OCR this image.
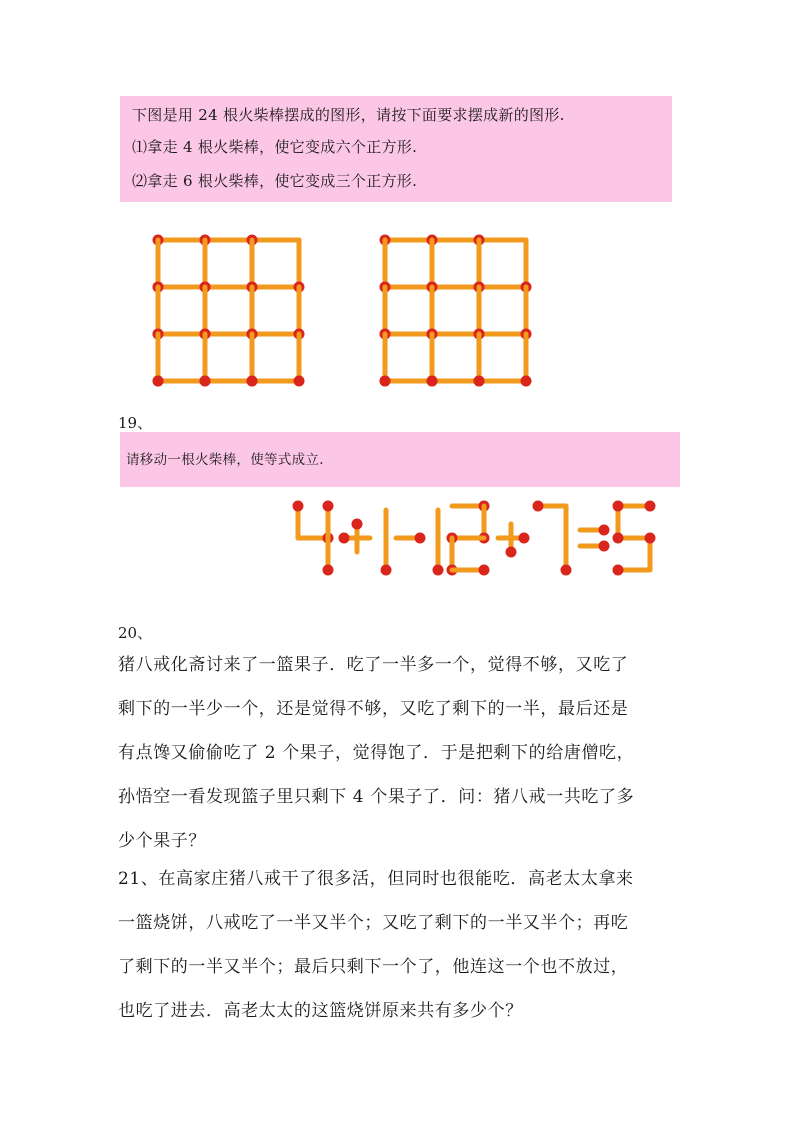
下图是用 24 根火柴棒摆成的图形，请按下面要求摆成新的图形.
⑴拿走 4 根火柴棒，使它变成六个正方形.
⑵拿走 6 根火柴棒，使它变成三个正方形.
19、
请移动一根火柴棒，使等式成立.
20、
猪八戒化斋讨来了一篮果子．吃了一半多一个，觉得不够，又吃了
剩下的一半少一个，还是觉得不够，又吃了剩下的一半，最后还是
有点馋又偷偷吃了 2 个果子，觉得饱了．于是把剩下的给唐僧吃，
孙悟空一看发现篮子里只剩下 4 个果子了．问：猪八戒一共吃了多
少个果子？
21、在高家庄猪八戒干了很多活，但同时也很能吃．高老太太拿来
一篮烧饼，八戒吃了一半又半个；又吃了剩下的一半又半个；再吃
了剩下的一半又半个；最后只剩下一个了，他连这一个也不放过，
也吃了进去．高老太太的这篮烧饼原来共有多少个？
